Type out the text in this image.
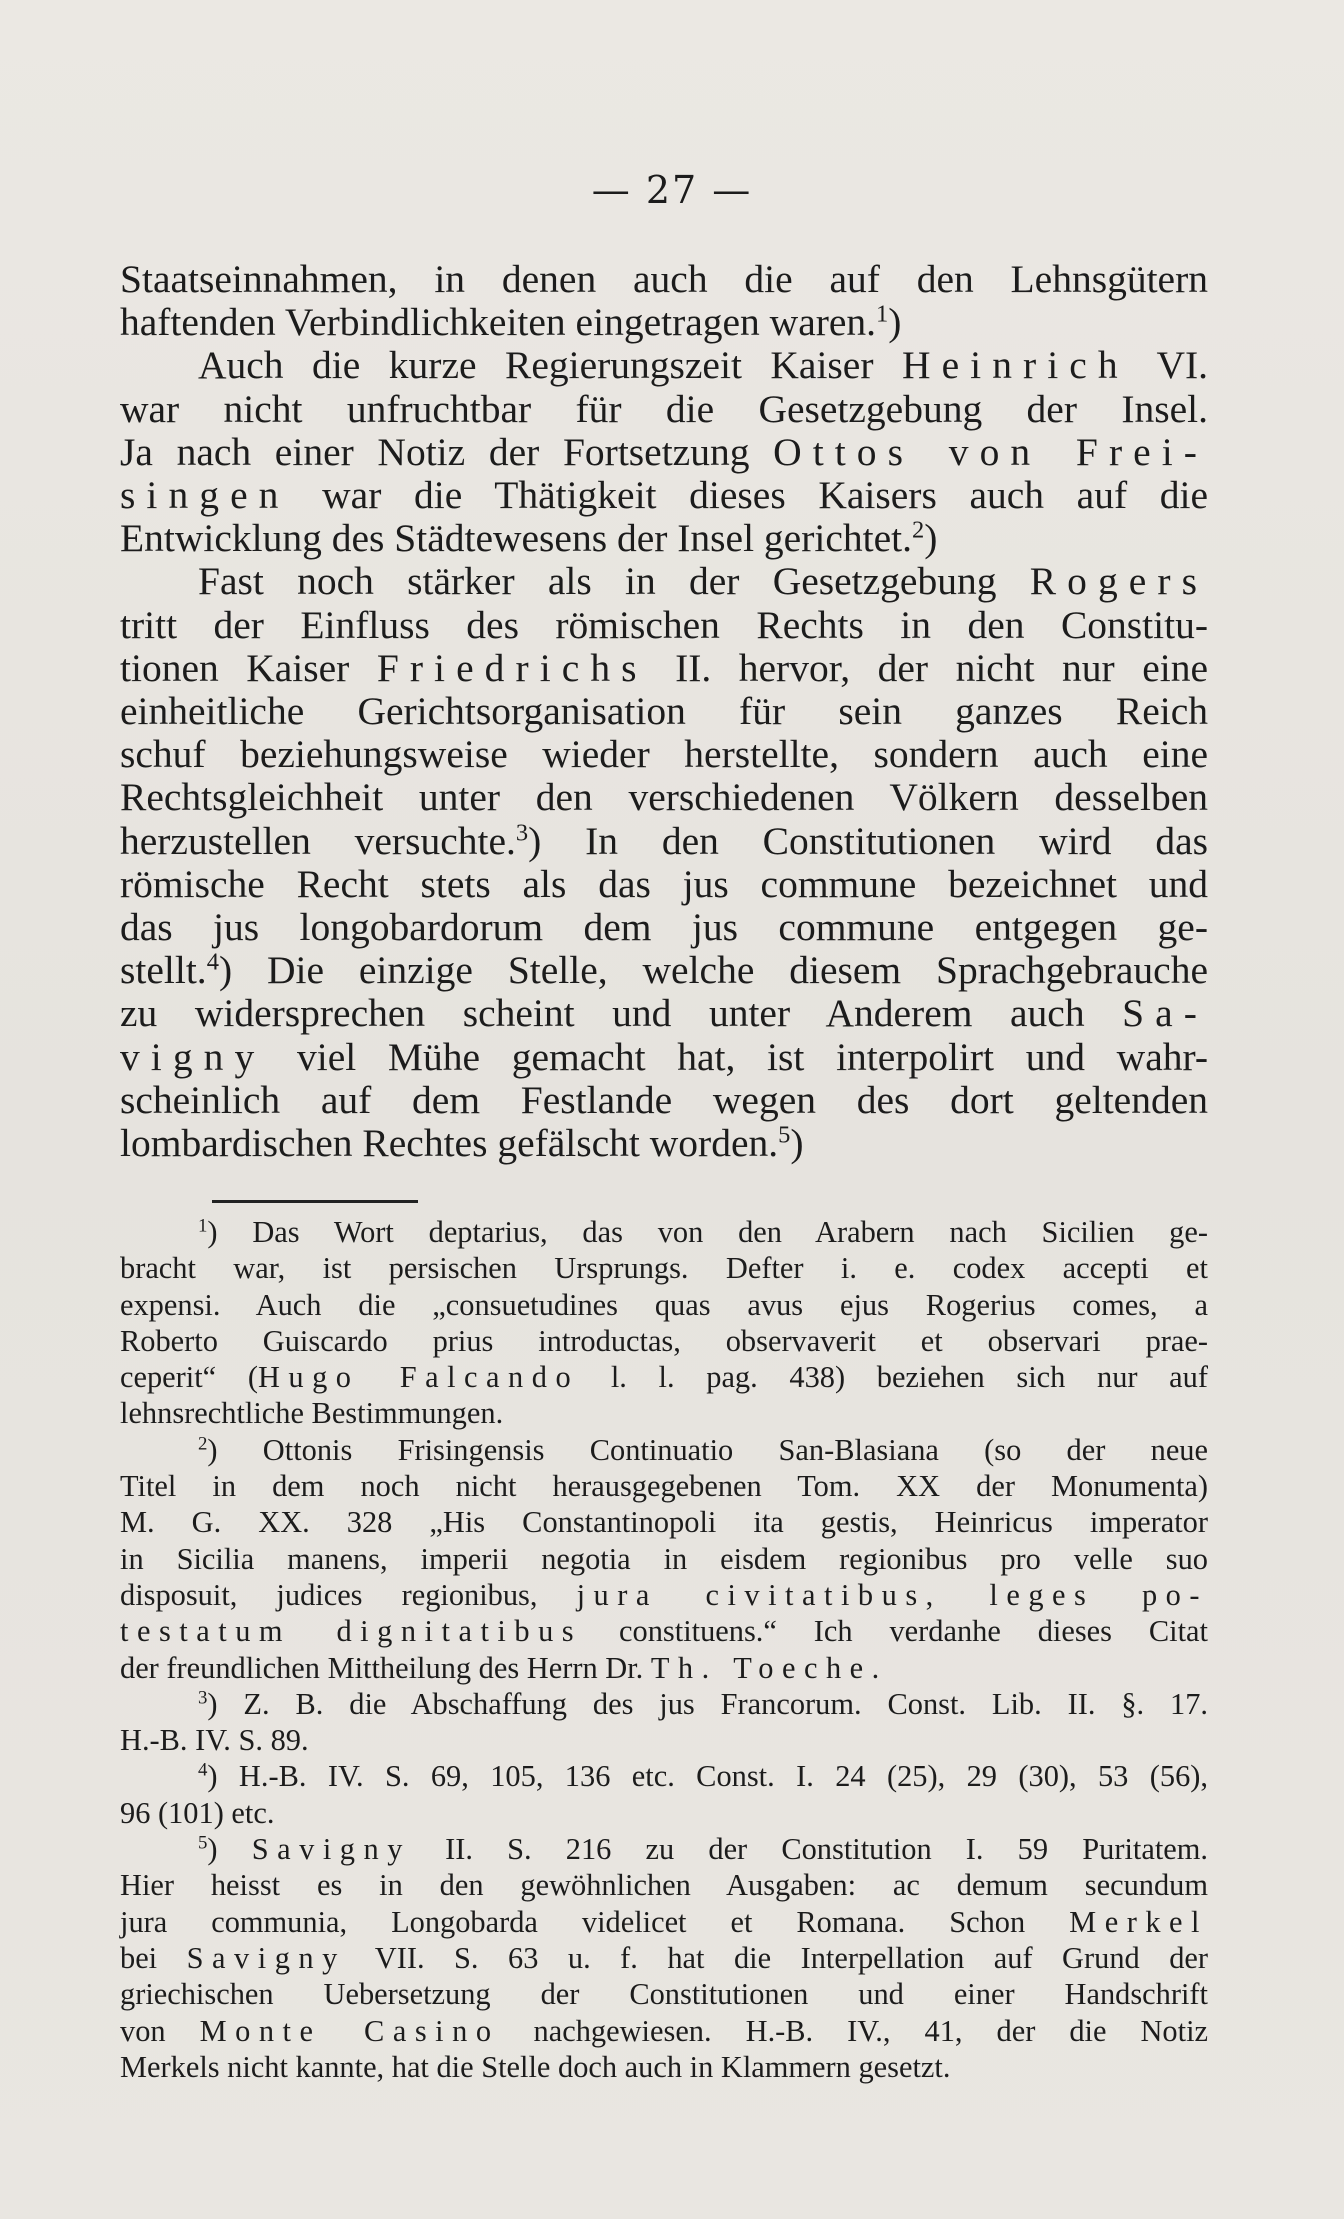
— 27 —
Staatseinnahmen, in denen auch die auf den Lehnsgütern
haftenden Verbindlichkeiten eingetragen waren.$^1$)
Auch die kurze Regierungszeit Kaiser Heinrich VI.
war nicht unfruchtbar für die Gesetzgebung der Insel.
Ja nach einer Notiz der Fortsetzung Ottos von Frei-
singen war die Thätigkeit dieses Kaisers auch auf die
Entwicklung des Städtewesens der Insel gerichtet.$^2$)
Fast noch stärker als in der Gesetzgebung Rogers
tritt der Einfluss des römischen Rechts in den Constitu-
tionen Kaiser Friedrichs II. hervor, der nicht nur eine
einheitliche Gerichtsorganisation für sein ganzes Reich
schuf beziehungsweise wieder herstellte, sondern auch eine
Rechtsgleichheit unter den verschiedenen Völkern desselben
herzustellen versuchte.$^3$) In den Constitutionen wird das
römische Recht stets als das jus commune bezeichnet und
das jus longobardorum dem jus commune entgegen ge-
stellt.$^4$) Die einzige Stelle, welche diesem Sprachgebrauche
zu widersprechen scheint und unter Anderem auch Sa-
vigny viel Mühe gemacht hat, ist interpolirt und wahr-
scheinlich auf dem Festlande wegen des dort geltenden
lombardischen Rechtes gefälscht worden.$^5$)
$^1$) Das Wort deptarius, das von den Arabern nach Sicilien ge-
bracht war, ist persischen Ursprungs. Defter i. e. codex accepti et
expensi. Auch die „consuetudines quas avus ejus Rogerius comes, a
Roberto Guiscardo prius introductas, observaverit et observari prae-
ceperit“ (Hugo Falcando l. l. pag. 438) beziehen sich nur auf
lehnsrechtliche Bestimmungen.
$^2$) Ottonis Frisingensis Continuatio San-Blasiana (so der neue
Titel in dem noch nicht herausgegebenen Tom. XX der Monumenta)
M. G. XX. 328 „His Constantinopoli ita gestis, Heinricus imperator
in Sicilia manens, imperii negotia in eisdem regionibus pro velle suo
disposuit, judices regionibus, jura civitatibus, leges po-
testatum dignitatibus constituens.“ Ich verdanhe dieses Citat
der freundlichen Mittheilung des Herrn Dr. Th. Toeche.
$^3$) Z. B. die Abschaffung des jus Francorum. Const. Lib. II. §. 17.
H.-B. IV. S. 89.
$^4$) H.-B. IV. S. 69, 105, 136 etc. Const. I. 24 (25), 29 (30), 53 (56),
96 (101) etc.
$^5$) Savigny II. S. 216 zu der Constitution I. 59 Puritatem.
Hier heisst es in den gewöhnlichen Ausgaben: ac demum secundum
jura communia, Longobarda videlicet et Romana. Schon Merkel
bei Savigny VII. S. 63 u. f. hat die Interpellation auf Grund der
griechischen Uebersetzung der Constitutionen und einer Handschrift
von Monte Casino nachgewiesen. H.-B. IV., 41, der die Notiz
Merkels nicht kannte, hat die Stelle doch auch in Klammern gesetzt.
